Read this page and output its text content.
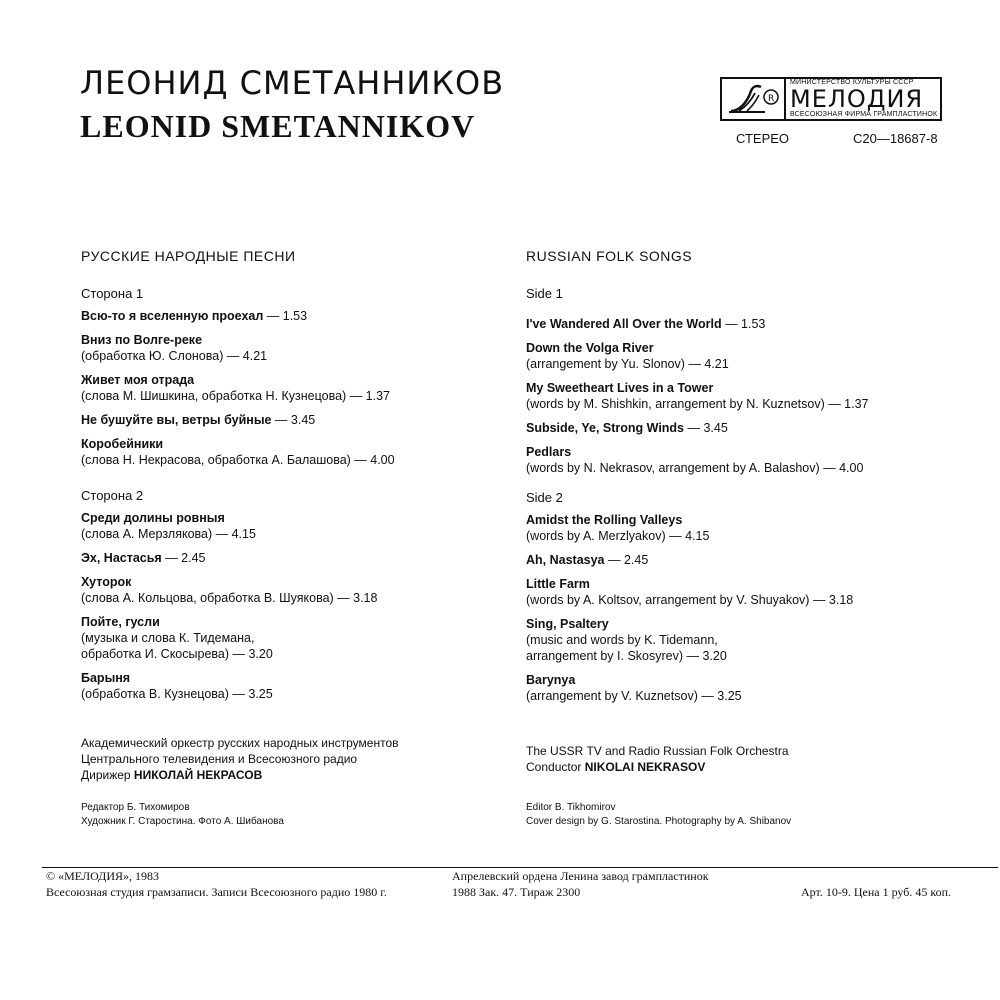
ЛЕОНИД СМЕТАННИКОВ
LEONID SMETANNIKOV
R
МИНИСТЕРСТВО КУЛЬТУРЫ СССР
МЕЛОДИЯ
ВСЕСОЮЗНАЯ ФИРМА ГРАМПЛАСТИНОК
СТЕРЕО	С20—18687-8
РУССКИЕ НАРОДНЫЕ ПЕСНИ
Сторона 1
Всю-то я вселенную проехал — 1.53
Вниз по Волге-реке
(обработка Ю. Слонова) — 4.21
Живет моя отрада
(слова М. Шишкина, обработка Н. Кузнецова) — 1.37
Не бушуйте вы, ветры буйные — 3.45
Коробейники
(слова Н. Некрасова, обработка А. Балашова) — 4.00
Сторона 2
Среди долины ровныя
(слова А. Мерзлякова) — 4.15
Эх, Настасья — 2.45
Хуторок
(слова А. Кольцова, обработка В. Шуякова) — 3.18
Пойте, гусли
(музыка и слова К. Тидемана,
обработка И. Скосырева) — 3.20
Барыня
(обработка В. Кузнецова) — 3.25
RUSSIAN FOLK SONGS
Side 1
I've Wandered All Over the World — 1.53
Down the Volga River
(arrangement by Yu. Slonov) — 4.21
My Sweetheart Lives in a Tower
(words by M. Shishkin, arrangement by N. Kuznetsov) — 1.37
Subside, Ye, Strong Winds — 3.45
Pedlars
(words by N. Nekrasov, arrangement by A. Balashov) — 4.00
Side 2
Amidst the Rolling Valleys
(words by A. Merzlyakov) — 4.15
Ah, Nastasya — 2.45
Little Farm
(words by A. Koltsov, arrangement by V. Shuyakov) — 3.18
Sing, Psaltery
(music and words by K. Tidemann,
arrangement by I. Skosyrev) — 3.20
Barynya
(arrangement by V. Kuznetsov) — 3.25
Академический оркестр русских народных инструментов
Центрального телевидения и Всесоюзного радио
Дирижер НИКОЛАЙ НЕКРАСОВ
The USSR TV and Radio Russian Folk Orchestra
Conductor NIKOLAI NEKRASOV
Редактор Б. Тихомиров
Художник Г. Старостина. Фото А. Шибанова
Editor B. Tikhomirov
Cover design by G. Starostina. Photography by A. Shibanov
© «МЕЛОДИЯ», 1983
Всесоюзная студия грамзаписи. Записи Всесоюзного радио 1980 г.
Апрелевский ордена Ленина завод грампластинок
1988 Зак. 47. Тираж 2300	Арт. 10-9. Цена 1 руб. 45 коп.
